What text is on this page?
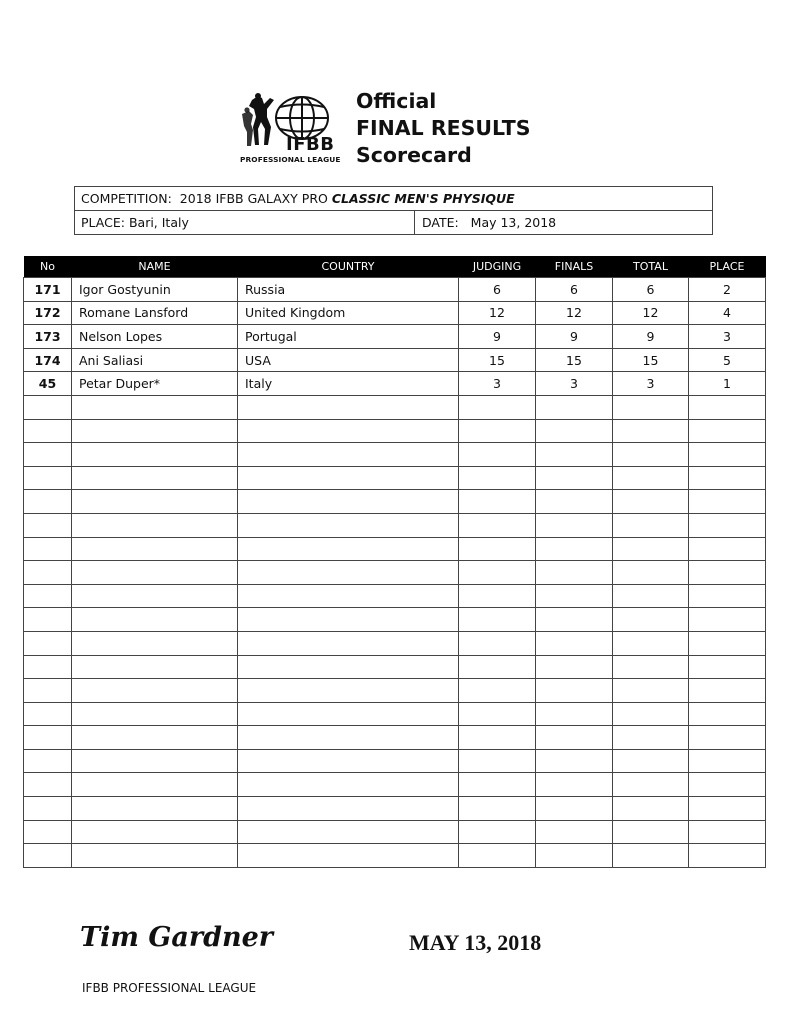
IFBB
PROFESSIONAL LEAGUE
Official
FINAL RESULTS
Scorecard
COMPETITION: 2018 IFBB GALAXY PRO CLASSIC MEN'S PHYSIQUE
PLACE: Bari, Italy	DATE: May 13, 2018
No	NAME	COUNTRY	JUDGING	FINALS	TOTAL	PLACE
171	Igor Gostyunin	Russia	6	6	6	2
172	Romane Lansford	United Kingdom	12	12	12	4
173	Nelson Lopes	Portugal	9	9	9	3
174	Ani Saliasi	USA	15	15	15	5
45	Petar Duper*	Italy	3	3	3	1

Tim Gardner	MAY 13, 2018
IFBB PROFESSIONAL LEAGUE
